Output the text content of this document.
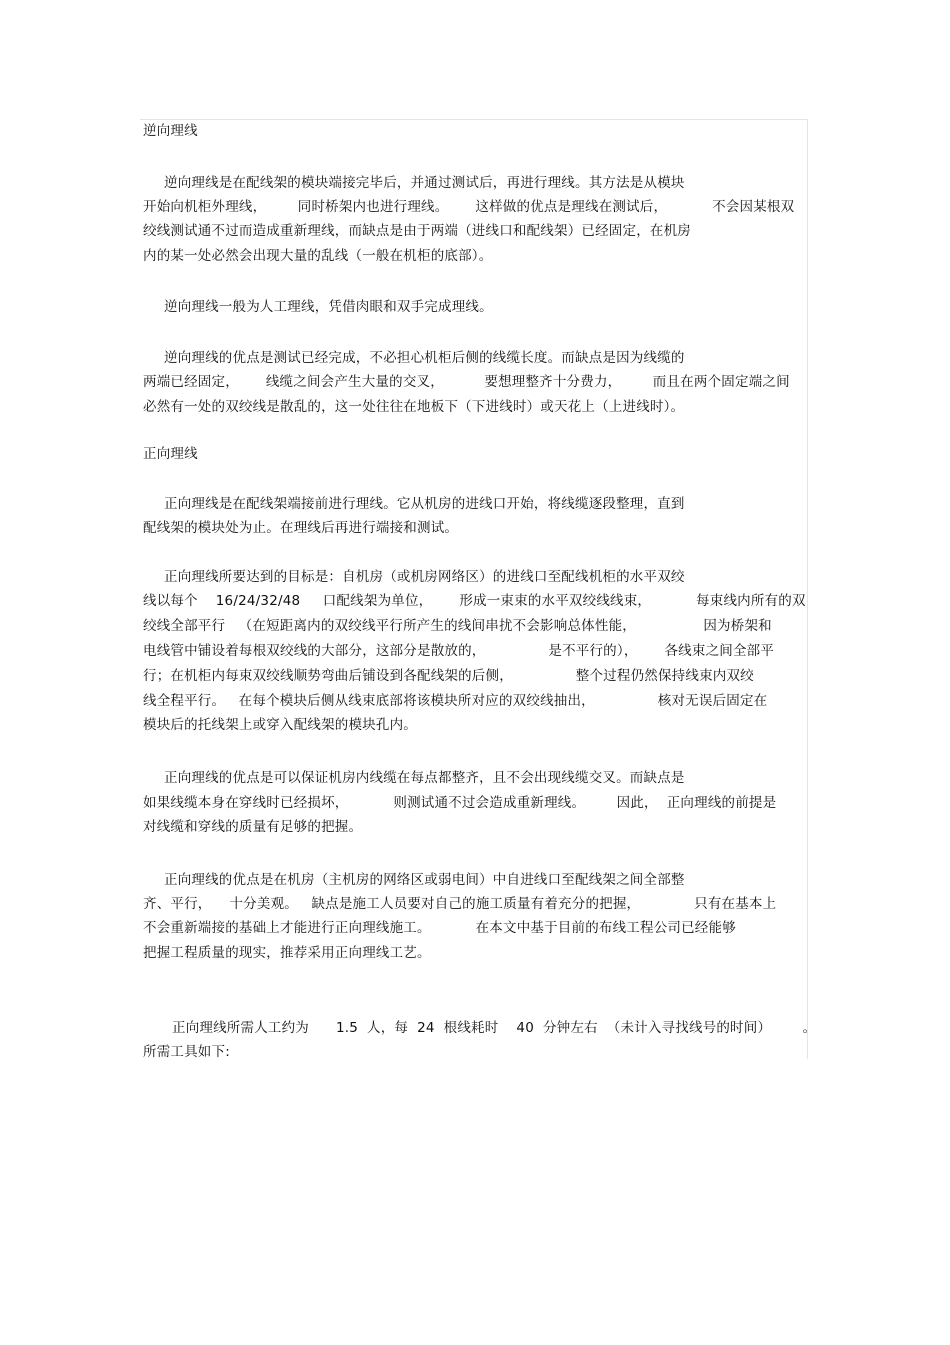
逆向理线
逆向理线是在配线架的模块端接完毕后，并通过测试后，再进行理线。其方法是从模块
开始向机柜外理线，       同时桥架内也进行理线。      这样做的优点是理线在测试后，          不会因某根双
绞线测试通不过而造成重新理线，而缺点是由于两端（进线口和配线架）已经固定，在机房
内的某一处必然会出现大量的乱线（一般在机柜的底部）。
逆向理线一般为人工理线，凭借肉眼和双手完成理线。
逆向理线的优点是测试已经完成，不必担心机柜后侧的线缆长度。而缺点是因为线缆的
两端已经固定，      线缆之间会产生大量的交叉，         要想理整齐十分费力，       而且在两个固定端之间
必然有一处的双绞线是散乱的，这一处往往在地板下（下进线时）或天花上（上进线时）。
正向理线
正向理线是在配线架端接前进行理线。它从机房的进线口开始，将线缆逐段整理，直到
配线架的模块处为止。在理线后再进行端接和测试。
正向理线所要达到的目标是：自机房（或机房网络区）的进线口至配线机柜的水平双绞
线以每个    16/24/32/48     口配线架为单位，      形成一束束的水平双绞线线束，          每束线内所有的双
绞线全部平行   （在短距离内的双绞线平行所产生的线间串扰不会影响总体性能，               因为桥架和
电线管中铺设着每根双绞线的大部分，这部分是散放的，              是不平行的），      各线束之间全部平
行；在机柜内每束双绞线顺势弯曲后铺设到各配线架的后侧，              整个过程仍然保持线束内双绞
线全程平行。   在每个模块后侧从线束底部将该模块所对应的双绞线抽出，              核对无误后固定在
模块后的托线架上或穿入配线架的模块孔内。
正向理线的优点是可以保证机房内线缆在每点都整齐，且不会出现线缆交叉。而缺点是
如果线缆本身在穿线时已经损坏，          则测试通不过会造成重新理线。       因此，  正向理线的前提是
对线缆和穿线的质量有足够的把握。
正向理线的优点是在机房（主机房的网络区或弱电间）中自进线口至配线架之间全部整
齐、平行，    十分美观。   缺点是施工人员要对自己的施工质量有着充分的把握，            只有在基本上
不会重新端接的基础上才能进行正向理线施工。          在本文中基于目前的布线工程公司已经能够
把握工程质量的现实，推荐采用正向理线工艺。
正向理线所需人工约为      1.5  人，每  24  根线耗时    40  分钟左右  （未计入寻找线号的时间）       。
所需工具如下:
